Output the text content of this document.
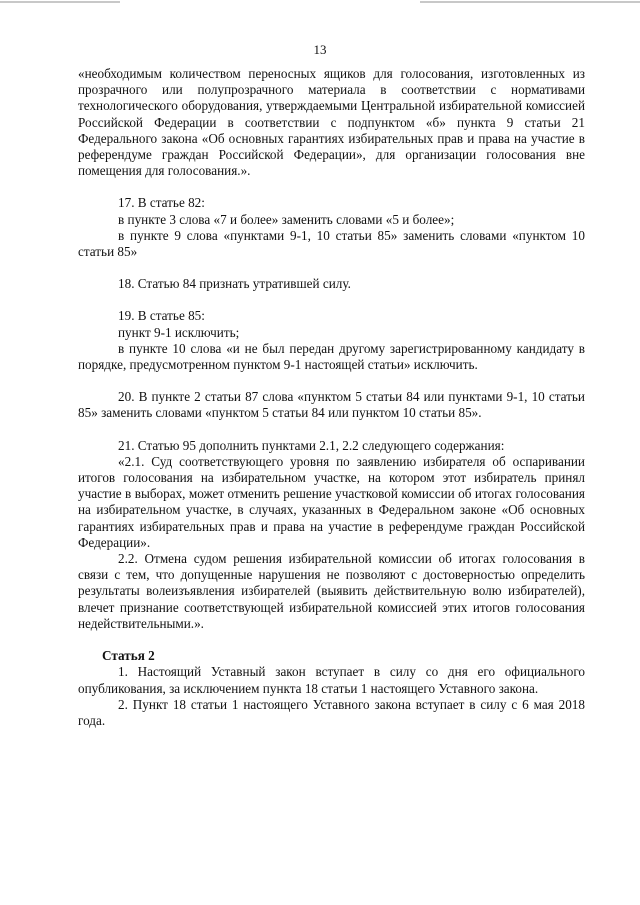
13

«необходимым количеством переносных ящиков для голосования, изготовленных из прозрачного или полупрозрачного материала в соответствии с нормативами технологического оборудования, утверждаемыми Центральной избирательной комиссией Российской Федерации в соответствии с подпунктом «б» пункта 9 статьи 21 Федерального закона «Об основных гарантиях избирательных прав и права на участие в референдуме граждан Российской Федерации», для организации голосования вне помещения для голосования.».

17. В статье 82:

в пункте 3 слова «7 и более» заменить словами «5 и более»;

в пункте 9 слова «пунктами 9-1, 10 статьи 85» заменить словами «пунктом 10 статьи 85»

18. Статью 84 признать утратившей силу.

19. В статье 85:

пункт 9-1 исключить;

в пункте 10 слова «и не был передан другому зарегистрированному кандидату в порядке, предусмотренном пунктом 9-1 настоящей статьи» исключить.

20. В пункте 2 статьи 87 слова «пунктом 5 статьи 84 или пунктами 9-1, 10 статьи 85» заменить словами «пунктом 5 статьи 84 или пунктом 10 статьи 85».

21. Статью 95 дополнить пунктами 2.1, 2.2 следующего содержания:

«2.1. Суд соответствующего уровня по заявлению избирателя об оспаривании итогов голосования на избирательном участке, на котором этот избиратель принял участие в выборах, может отменить решение участковой комиссии об итогах голосования на избирательном участке, в случаях, указанных в Федеральном законе «Об основных гарантиях избирательных прав и права на участие в референдуме граждан Российской Федерации».

2.2. Отмена судом решения избирательной комиссии об итогах голосования в связи с тем, что допущенные нарушения не позволяют с достоверностью определить результаты волеизъявления избирателей (выявить действительную волю избирателей), влечет признание соответствующей избирательной комиссией этих итогов голосования недействительными.».

Статья 2

1. Настоящий Уставный закон вступает в силу со дня его официального опубликования, за исключением пункта 18 статьи 1 настоящего Уставного закона.

2. Пункт 18 статьи 1 настоящего Уставного закона вступает в силу с 6 мая 2018 года.
